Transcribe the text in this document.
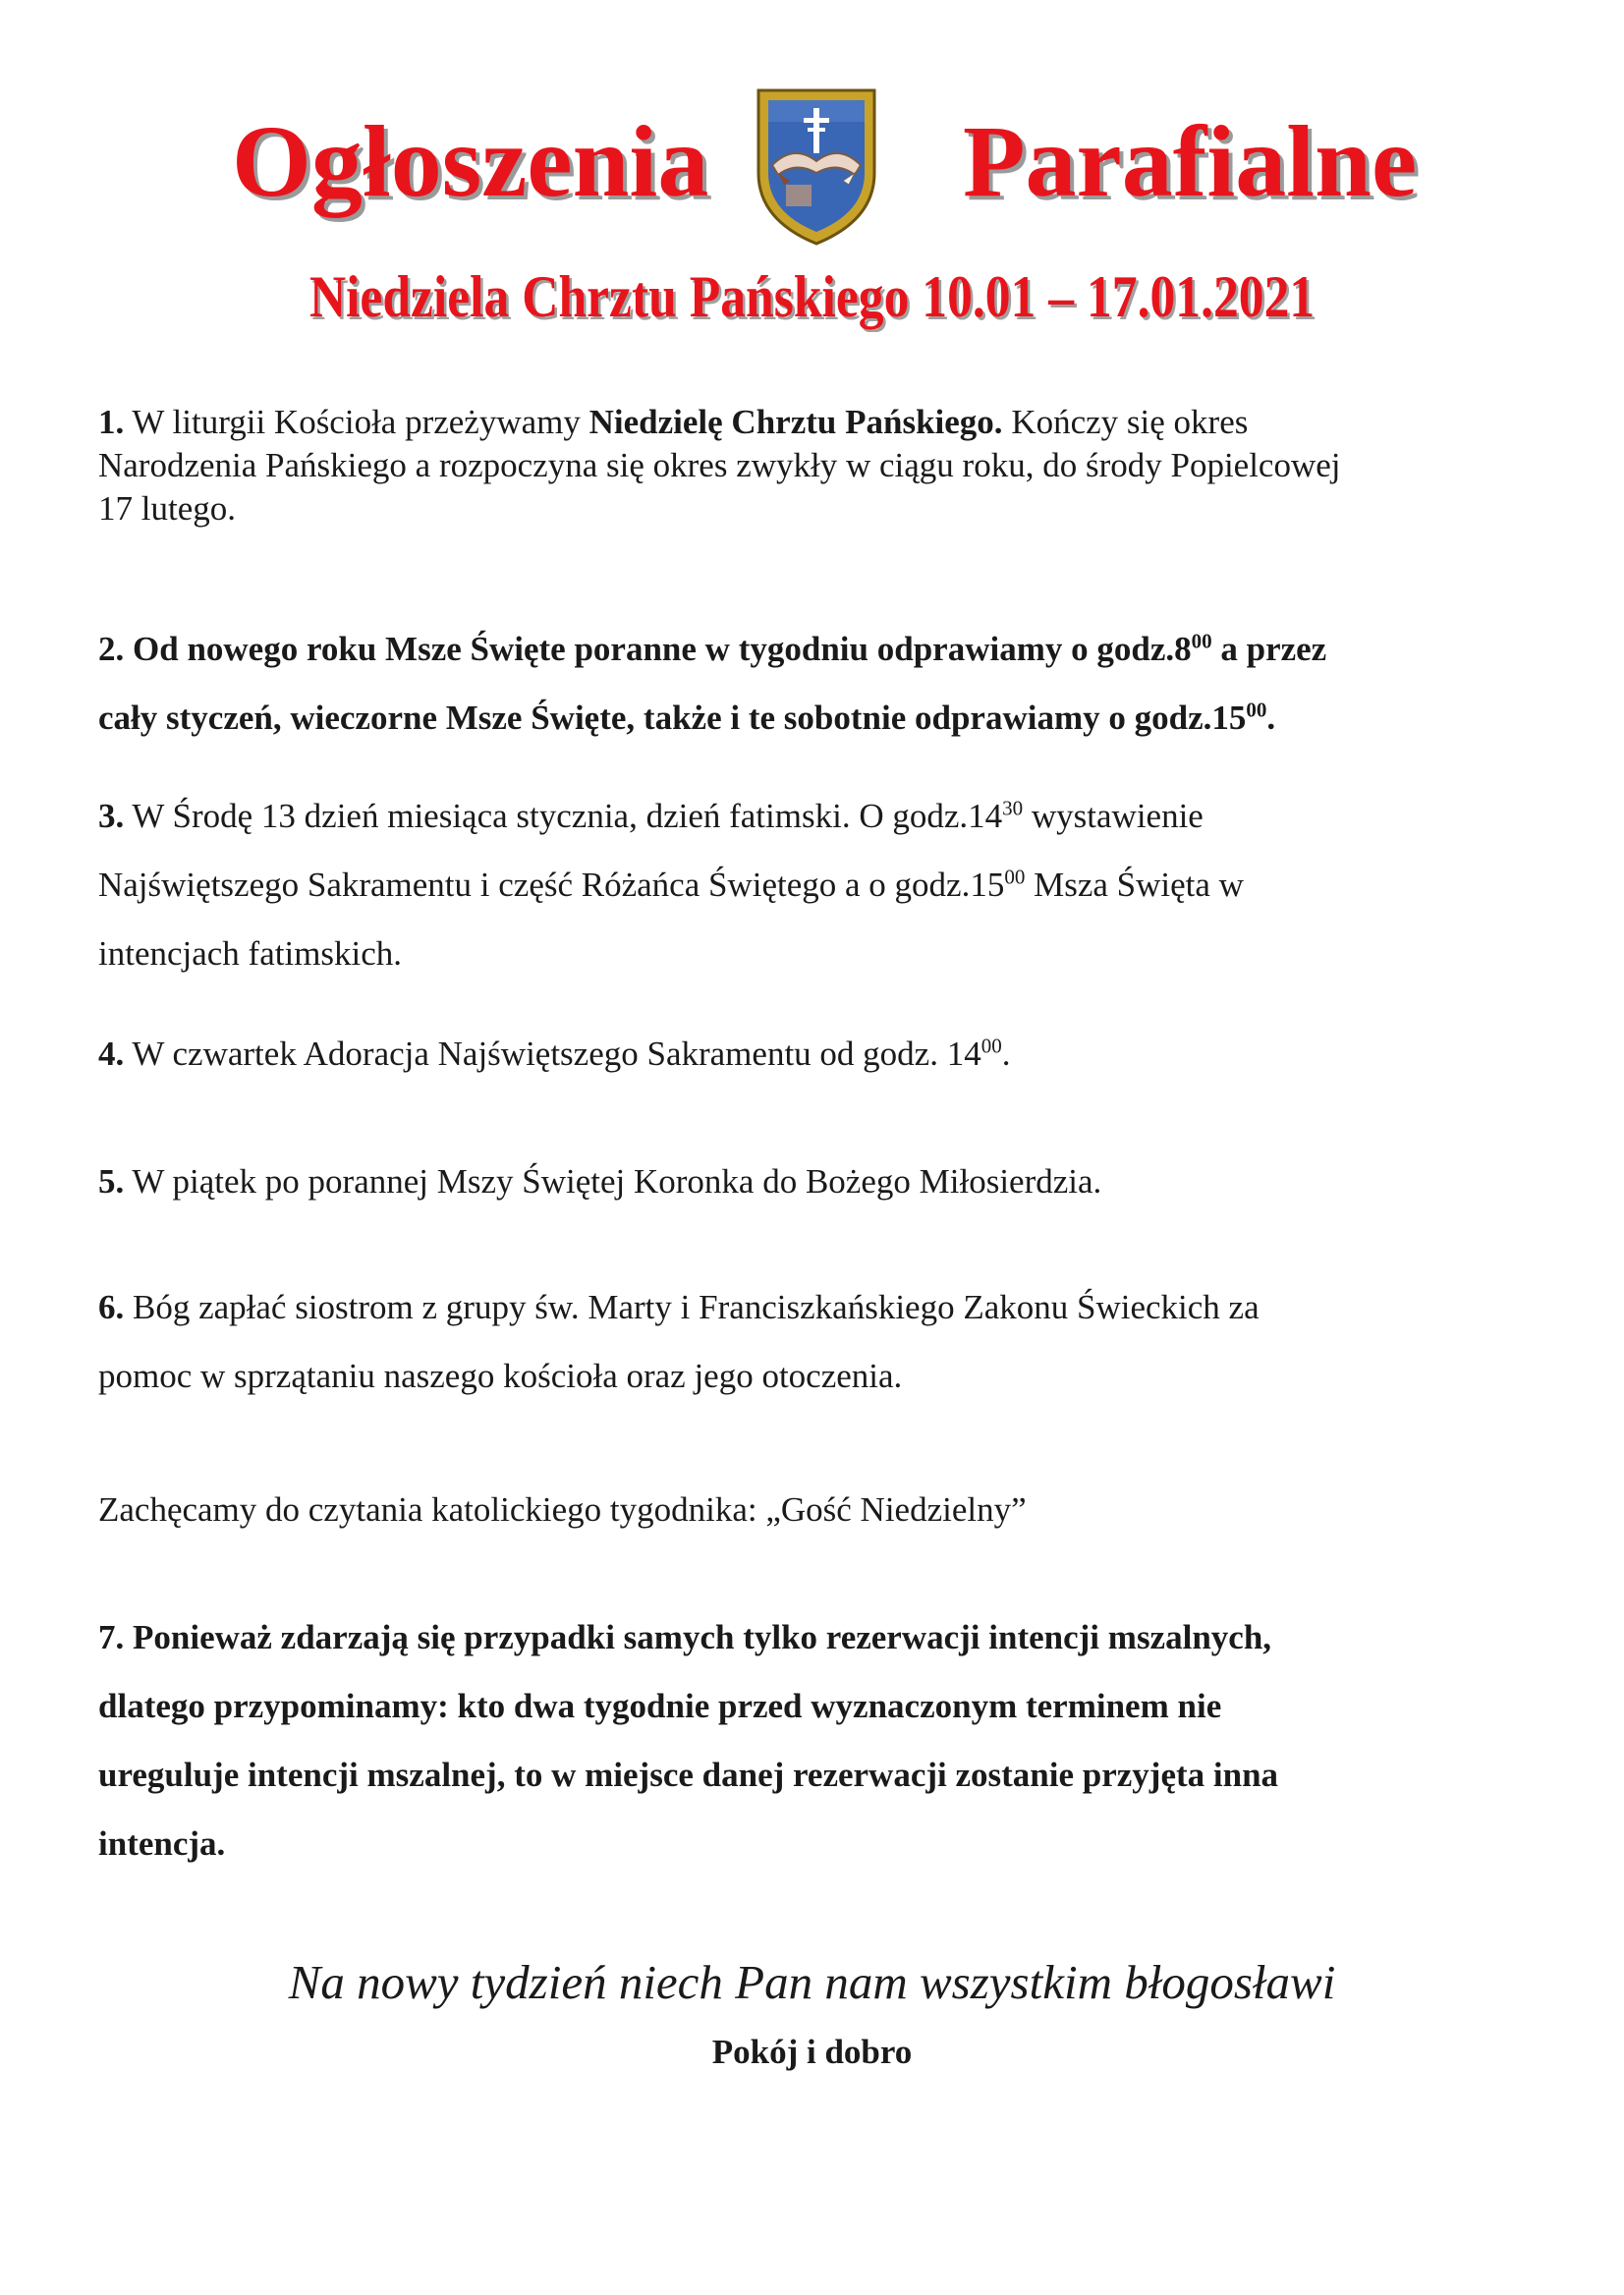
Ogłoszenia Parafialne
Niedziela Chrztu Pańskiego 10.01 – 17.01.2021
1. W liturgii Kościoła przeżywamy Niedzielę Chrztu Pańskiego. Kończy się okres
Narodzenia Pańskiego a rozpoczyna się okres zwykły w ciągu roku, do środy Popielcowej
17 lutego.
2. Od nowego roku Msze Święte poranne w tygodniu odprawiamy o $godz.8^{00}$ a przez
cały styczeń, wieczorne Msze Święte, także i te sobotnie odprawiamy o $godz.15^{00}$.
3. W Środę 13 dzień miesiąca stycznia, dzień fatimski. O $godz.14^{30}$ wystawienie
Najświętszego Sakramentu i część Różańca Świętego a o $godz.15^{00}$ Msza Święta w
intencjach fatimskich.
4. W czwartek Adoracja Najświętszego Sakramentu od godz. $14^{00}$.
5. W piątek po porannej Mszy Świętej Koronka do Bożego Miłosierdzia.
6. Bóg zapłać siostrom z grupy św. Marty i Franciszkańskiego Zakonu Świeckich za
pomoc w sprzątaniu naszego kościoła oraz jego otoczenia.
Zachęcamy do czytania katolickiego tygodnika: „Gość Niedzielny”
7. Ponieważ zdarzają się przypadki samych tylko rezerwacji intencji mszalnych,
dlatego przypominamy: kto dwa tygodnie przed wyznaczonym terminem nie
ureguluje intencji mszalnej, to w miejsce danej rezerwacji zostanie przyjęta inna
intencja.
Na nowy tydzień niech Pan nam wszystkim błogosławi
Pokój i dobro
